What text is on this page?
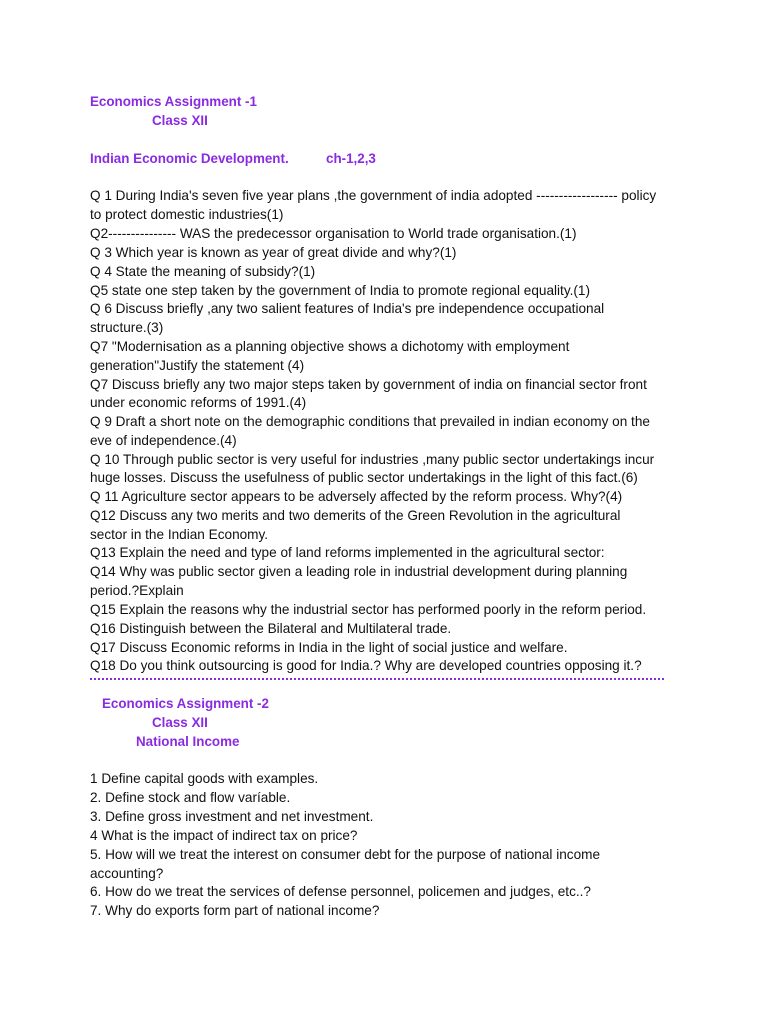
Economics Assignment -1
Class XII
Indian Economic Development.	ch-1,2,3
Q 1 During India's seven five year plans ,the government of india adopted ------------------ policy
to protect domestic industries(1)
Q2--------------- WAS the predecessor organisation to World trade organisation.(1)
Q 3 Which year is known as year of great divide and why?(1)
Q 4 State the meaning of subsidy?(1)
Q5 state one step taken by the government of India to promote regional equality.(1)
Q 6 Discuss briefly ,any two salient features of India's pre independence occupational
structure.(3)
Q7 "Modernisation as a planning objective shows a dichotomy with employment
generation"Justify the statement (4)
Q7 Discuss briefly any two major steps taken by government of india on financial sector front
under economic reforms of 1991.(4)
Q 9 Draft a short note on the demographic conditions that prevailed in indian economy on the
eve of independence.(4)
Q 10 Through public sector is very useful for industries ,many public sector undertakings incur
huge losses. Discuss the usefulness of public sector undertakings in the light of this fact.(6)
Q 11 Agriculture sector appears to be adversely affected by the reform process. Why?(4)
Q12 Discuss any two merits and two demerits of the Green Revolution in the agricultural
sector in the Indian Economy.
Q13 Explain the need and type of land reforms implemented in the agricultural sector:
Q14 Why was public sector given a leading role in industrial development during planning
period.?Explain
Q15 Explain the reasons why the industrial sector has performed poorly in the reform period.
Q16 Distinguish between the Bilateral and Multilateral trade.
Q17 Discuss Economic reforms in India in the light of social justice and welfare.
Q18 Do you think outsourcing is good for India.? Why are developed countries opposing it.?
Economics Assignment -2
Class XII
National Income
1 Define capital goods with examples.
2. Define stock and flow varíable.
3. Define gross investment and net investment.
4 What is the impact of indirect tax on price?
5. How will we treat the interest on consumer debt for the purpose of national income
accounting?
6. How do we treat the services of defense personnel, policemen and judges, etc..?
7. Why do exports form part of national income?
